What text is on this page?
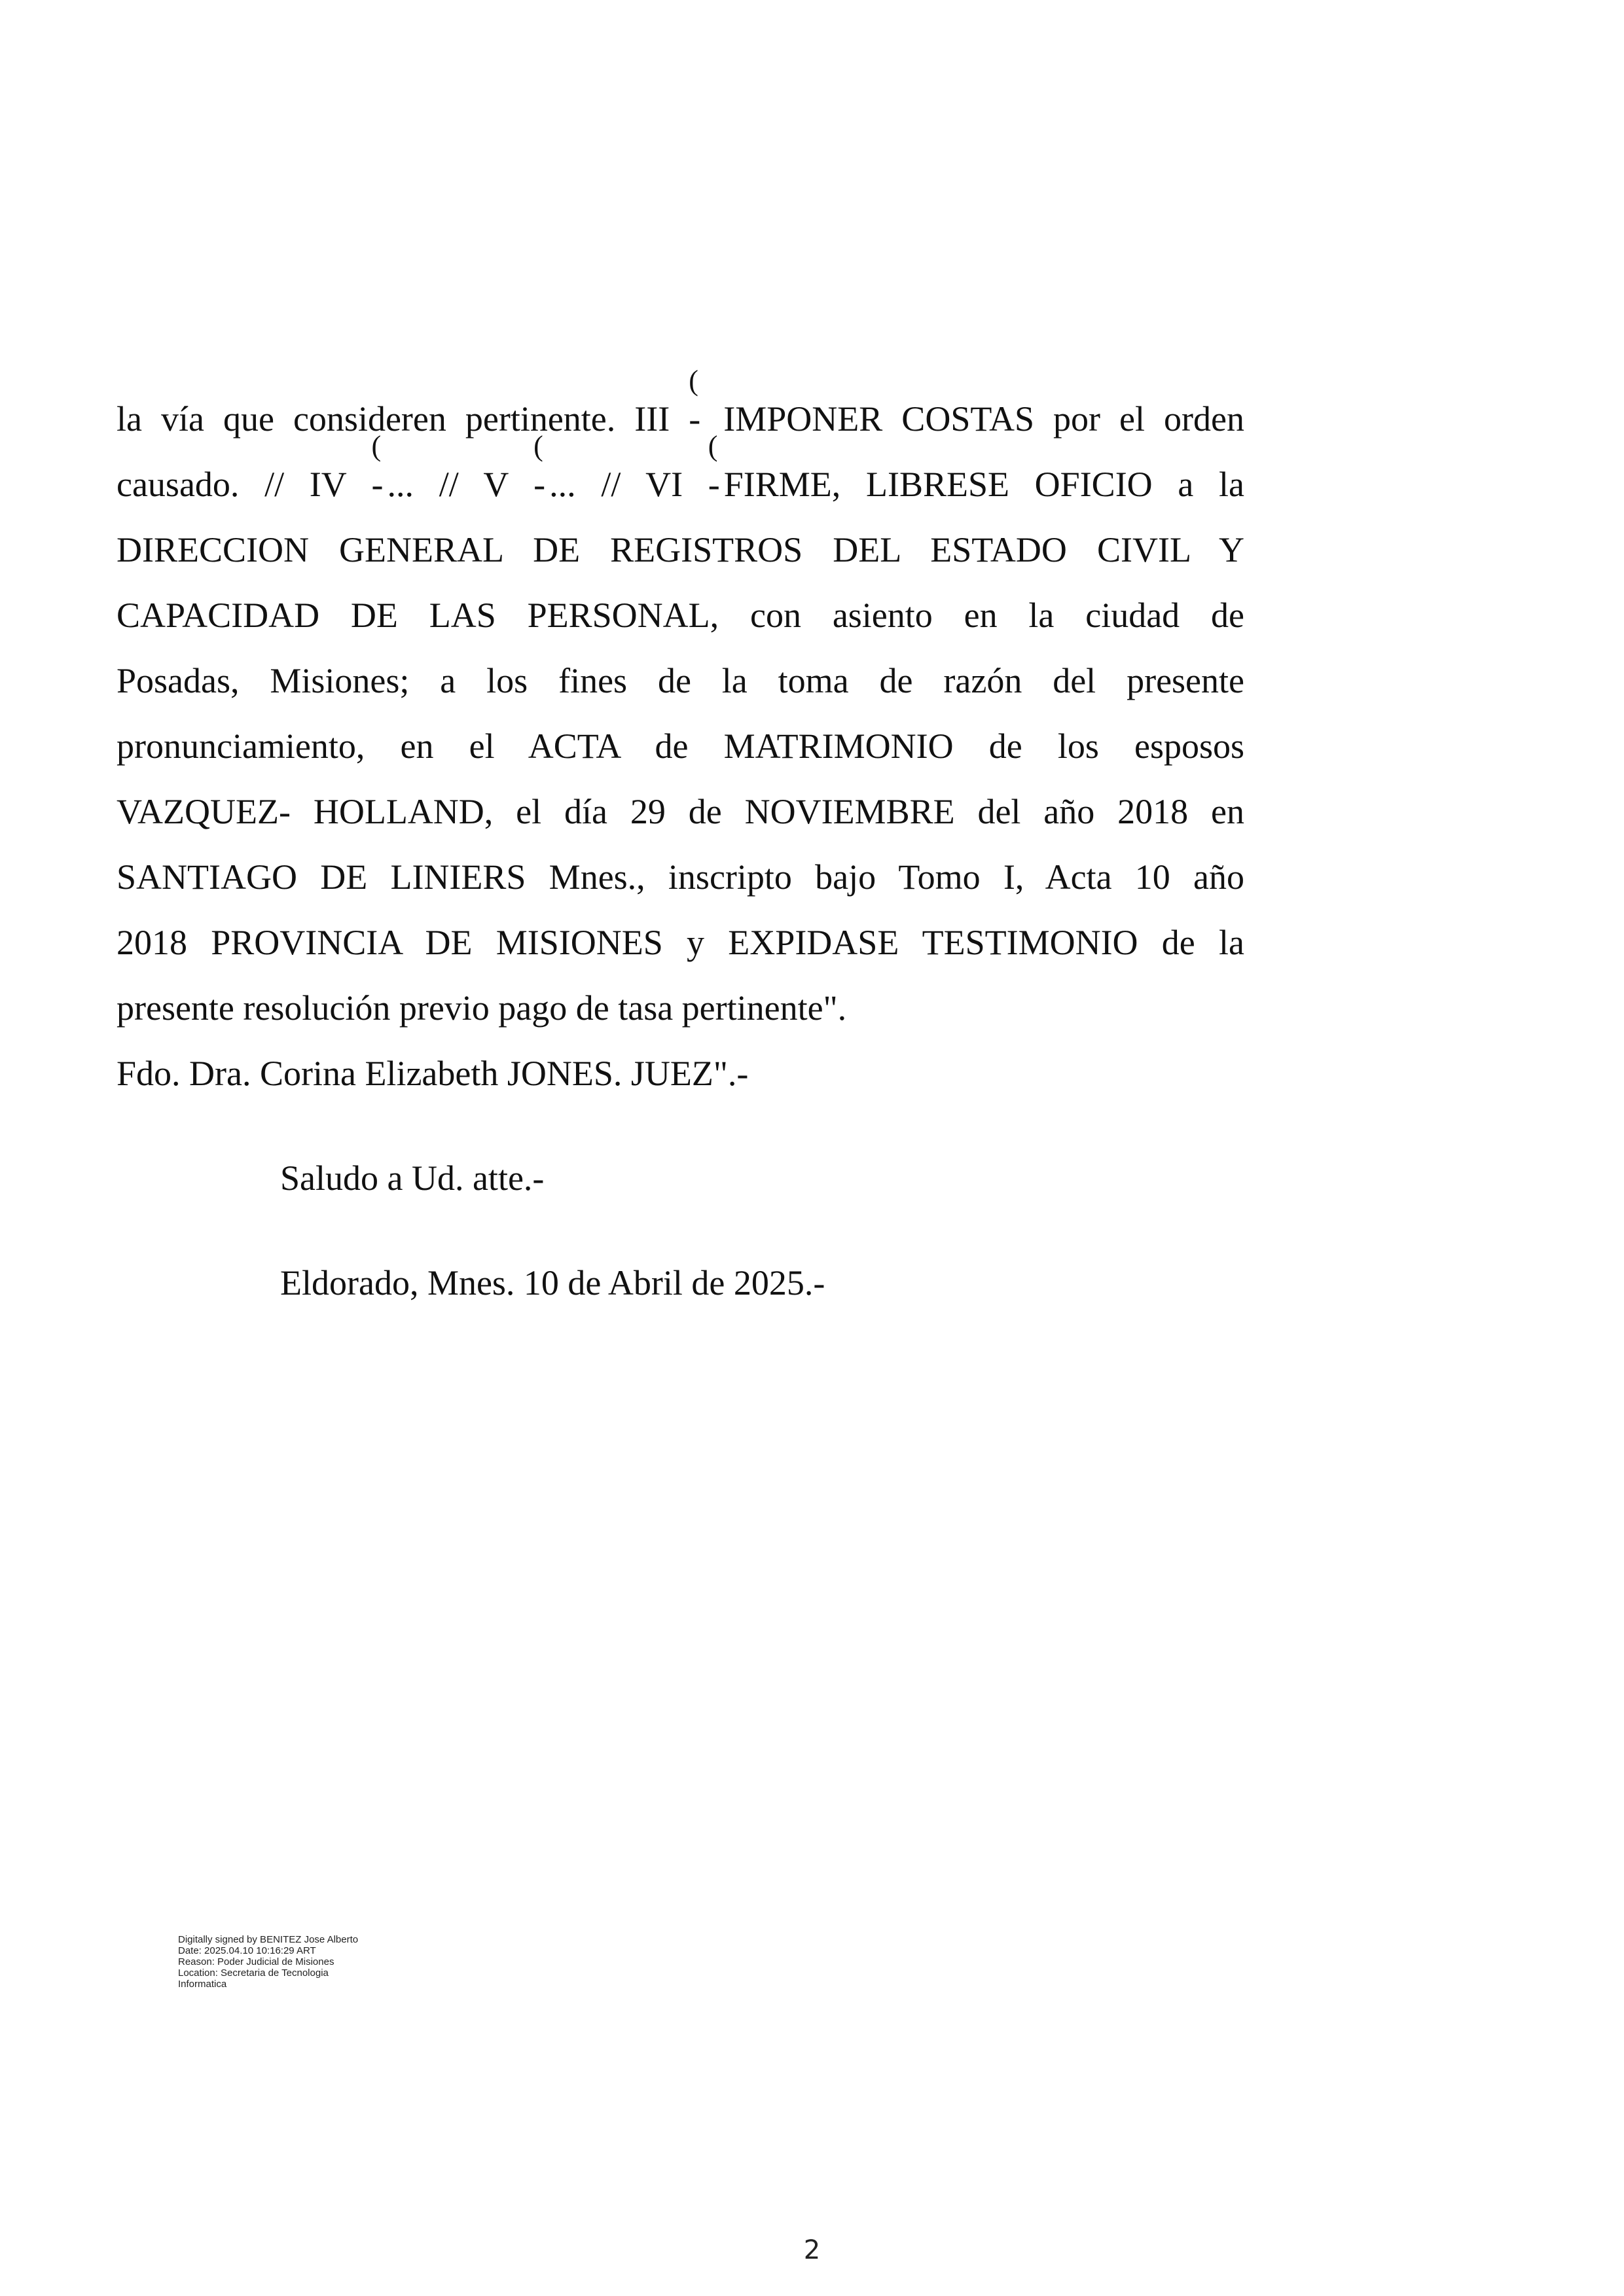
la vía que consideren pertinente. III
(
- IMPONER COSTAS por el orden

causado. // IV
(
- ... // V
(
- ... // VI
(
- FIRME, LIBRESE OFICIO a la

DIRECCION GENERAL DE REGISTROS DEL ESTADO CIVIL Y

CAPACIDAD DE LAS PERSONAL, con asiento en la ciudad de

Posadas, Misiones; a los fines de la toma de razón del presente

pronunciamiento, en el ACTA de MATRIMONIO de los esposos

VAZQUEZ- HOLLAND, el día 29 de NOVIEMBRE del año 2018 en

SANTIAGO DE LINIERS Mnes., inscripto bajo Tomo I, Acta 10 año

2018 PROVINCIA DE MISIONES y EXPIDASE TESTIMONIO de la

presente resolución previo pago de tasa pertinente".

Fdo. Dra. Corina Elizabeth JONES. JUEZ".-

Saludo a Ud. atte.-

Eldorado, Mnes. 10 de Abril de 2025.-

Digitally signed by BENITEZ Jose Alberto
Date: 2025.04.10 10:16:29 ART
Reason: Poder Judicial de Misiones
Location: Secretaria de Tecnologia
Informatica
2
